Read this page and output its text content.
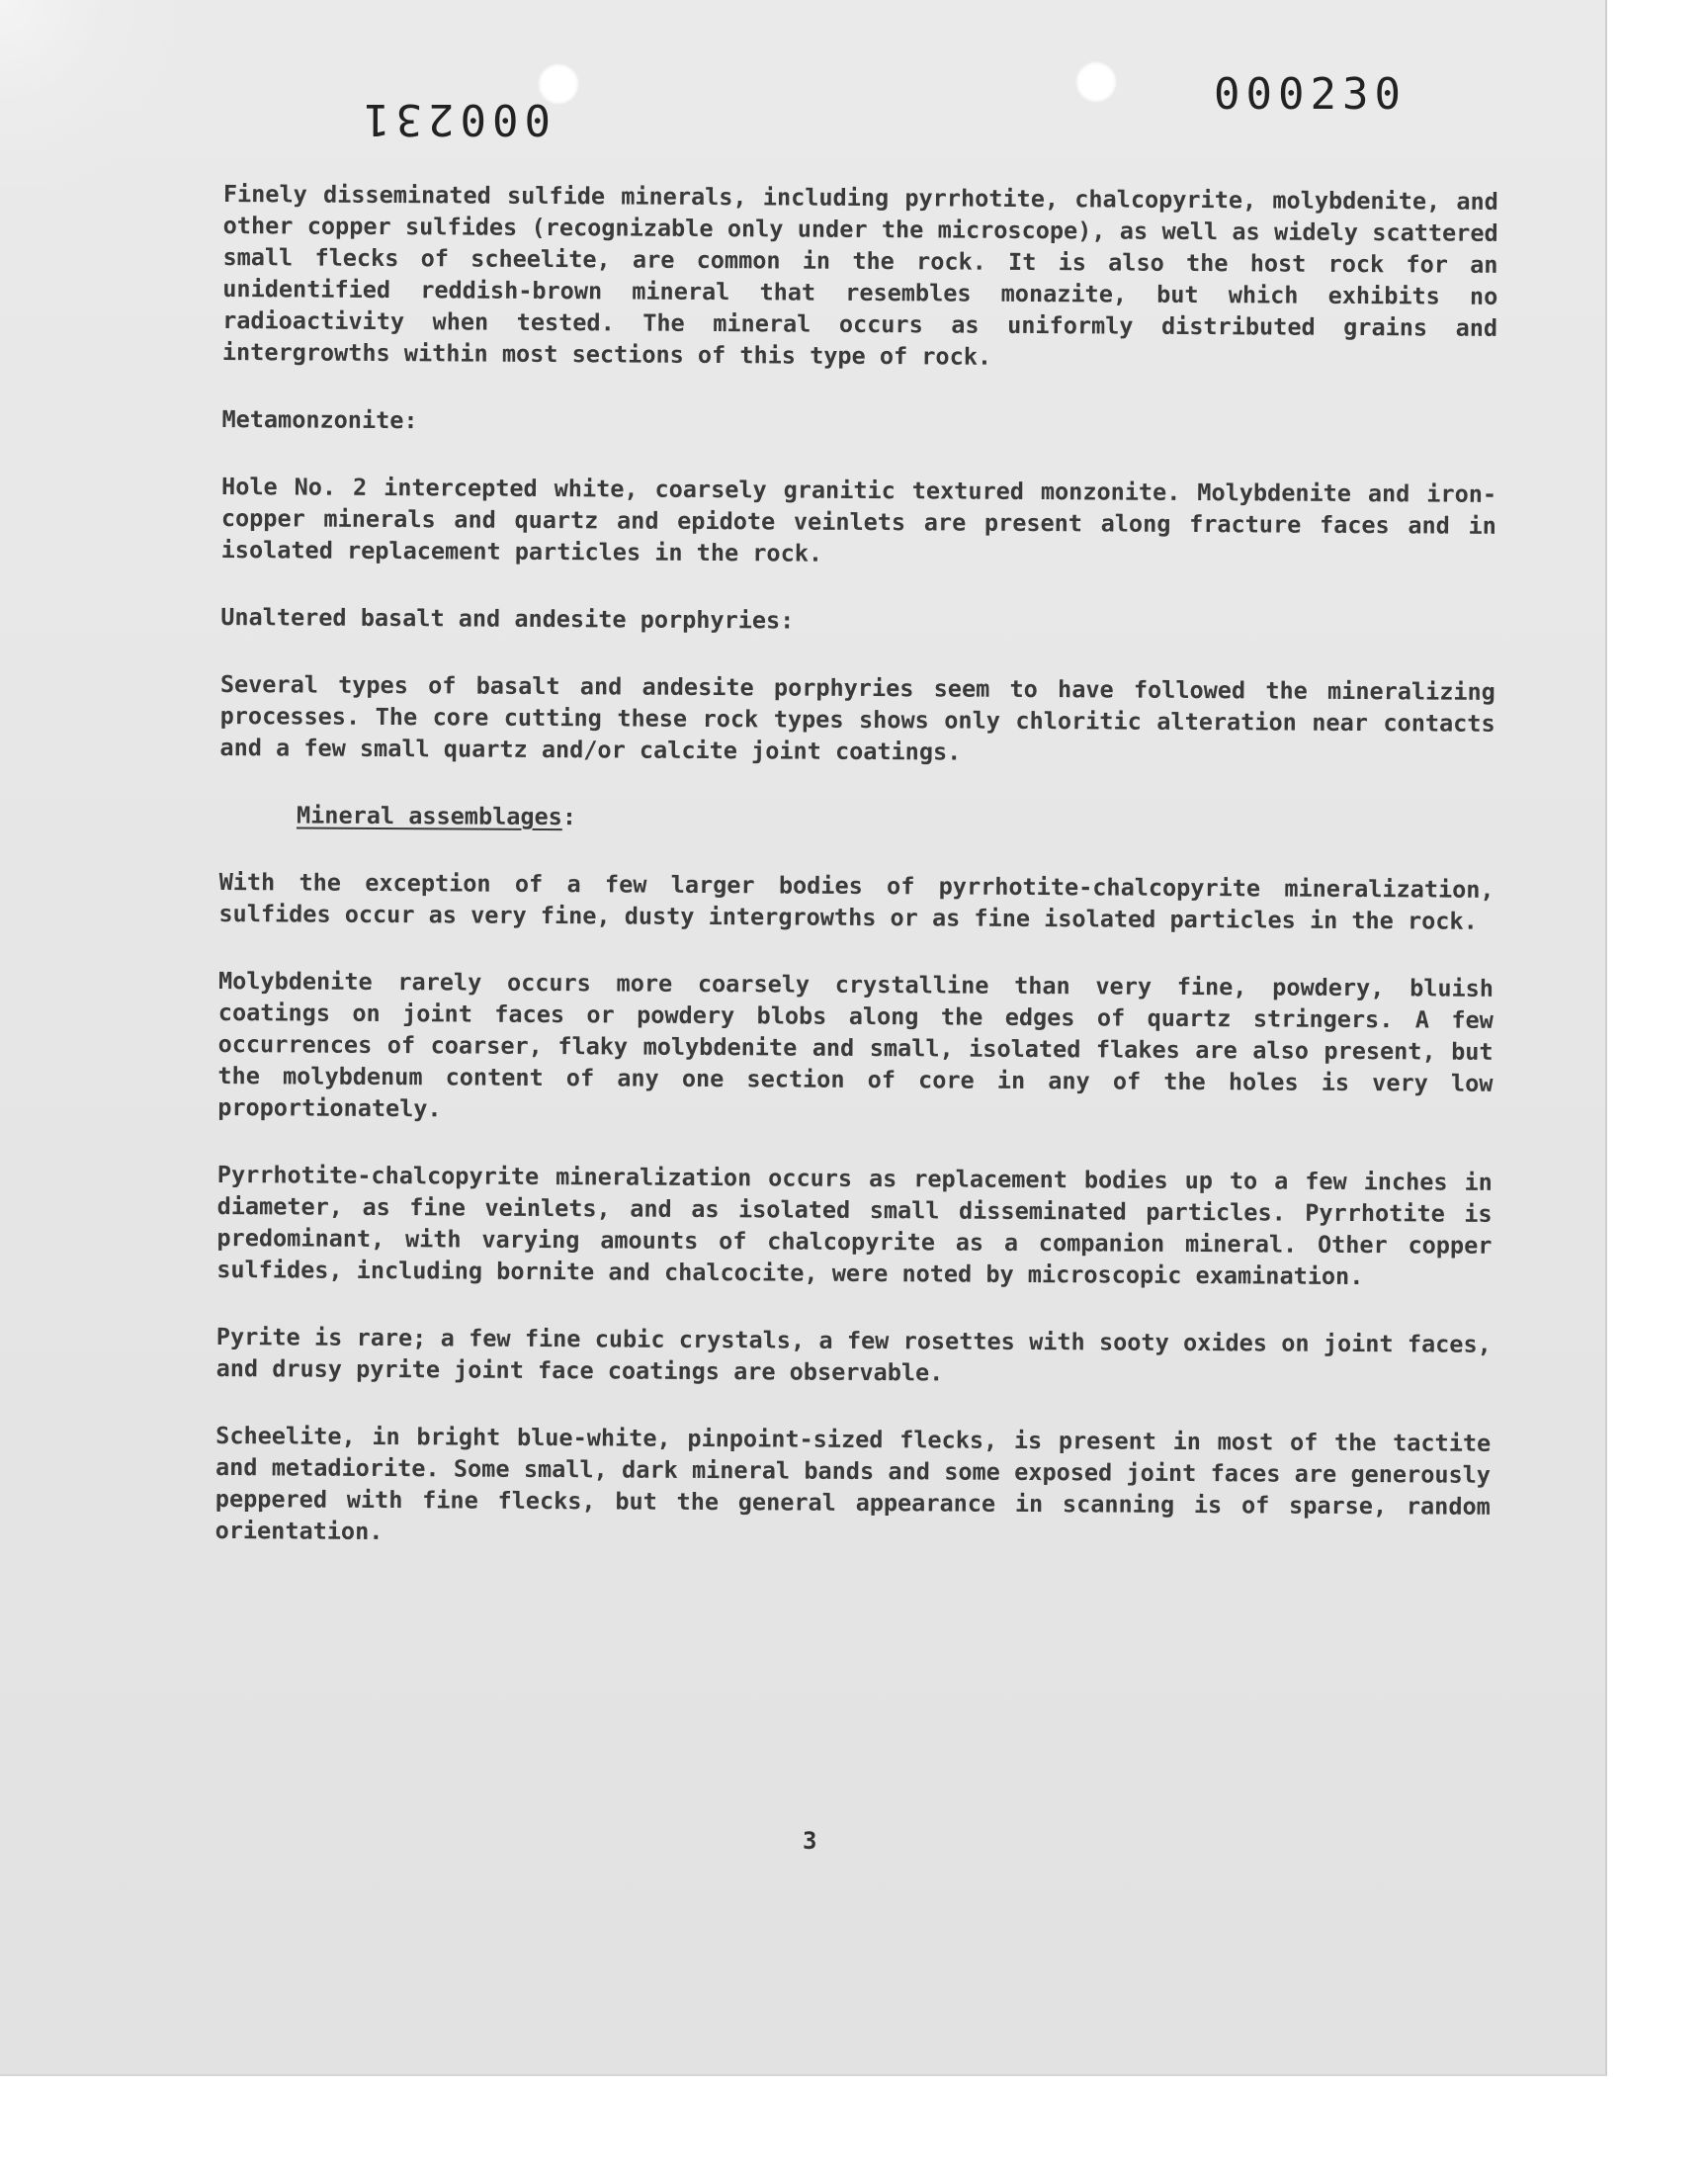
000231	000230

Finely disseminated sulfide minerals, including pyrrhotite, chalcopyrite, molybdenite, and other copper sulfides (recognizable only under the microscope), as well as widely scattered small flecks of scheelite, are common in the rock. It is also the host rock for an unidentified reddish-brown mineral that resembles monazite, but which exhibits no radioactivity when tested. The mineral occurs as uniformly distributed grains and intergrowths within most sections of this type of rock.

Metamonzonite:

Hole No. 2 intercepted white, coarsely granitic textured monzonite. Molybdenite and iron-copper minerals and quartz and epidote veinlets are present along fracture faces and in isolated replacement particles in the rock.

Unaltered basalt and andesite porphyries:

Several types of basalt and andesite porphyries seem to have followed the mineralizing processes. The core cutting these rock types shows only chloritic alteration near contacts and a few small quartz and/or calcite joint coatings.

Mineral assemblages:

With the exception of a few larger bodies of pyrrhotite-chalcopyrite mineralization, sulfides occur as very fine, dusty intergrowths or as fine isolated particles in the rock.

Molybdenite rarely occurs more coarsely crystalline than very fine, powdery, bluish coatings on joint faces or powdery blobs along the edges of quartz stringers. A few occurrences of coarser, flaky molybdenite and small, isolated flakes are also present, but the molybdenum content of any one section of core in any of the holes is very low proportionately.

Pyrrhotite-chalcopyrite mineralization occurs as replacement bodies up to a few inches in diameter, as fine veinlets, and as isolated small disseminated particles. Pyrrhotite is predominant, with varying amounts of chalcopyrite as a companion mineral. Other copper sulfides, including bornite and chalcocite, were noted by microscopic examination.

Pyrite is rare; a few fine cubic crystals, a few rosettes with sooty oxides on joint faces, and drusy pyrite joint face coatings are observable.

Scheelite, in bright blue-white, pinpoint-sized flecks, is present in most of the tactite and metadiorite. Some small, dark mineral bands and some exposed joint faces are generously peppered with fine flecks, but the general appearance in scanning is of sparse, random orientation.

3
